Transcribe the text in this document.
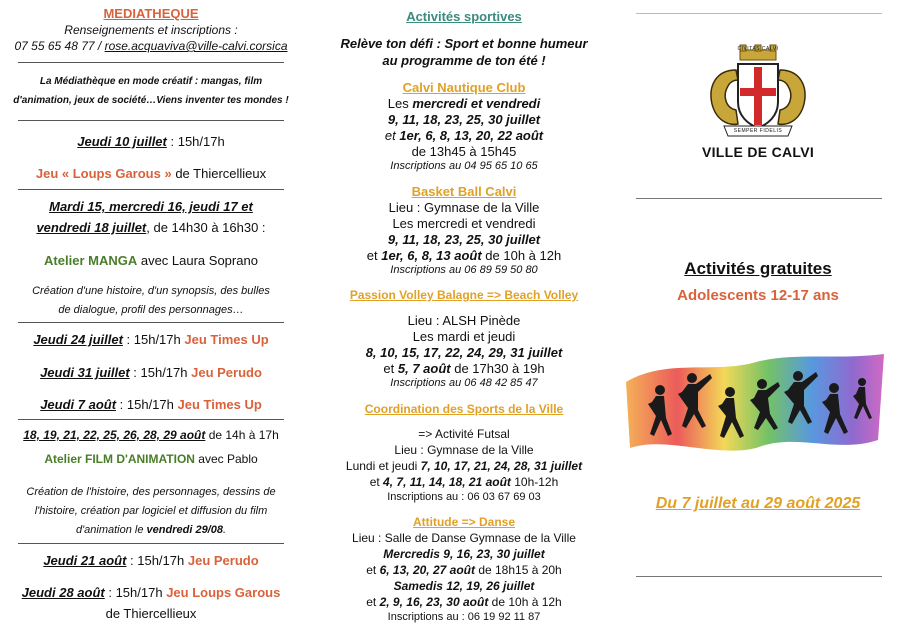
MEDIATHEQUE
Renseignements et inscriptions :
07 55 65 48 77 / rose.acquaviva@ville-calvi.corsica
La Médiathèque en mode créatif : mangas, film
d'animation, jeux de société…Viens inventer tes mondes !
Jeudi 10 juillet : 15h/17h
Jeu « Loups Garous » de Thiercellieux
Mardi 15, mercredi 16, jeudi 17 et
vendredi 18 juillet, de 14h30 à 16h30 :
Atelier MANGA avec Laura Soprano
Création d'une histoire, d'un synopsis, des bulles
de dialogue, profil des personnages…
Jeudi 24 juillet : 15h/17h Jeu Times Up
Jeudi 31 juillet : 15h/17h Jeu Perudo
Jeudi 7 août : 15h/17h Jeu Times Up
18, 19, 21, 22, 25, 26, 28, 29 août de 14h à 17h
Atelier FILM D'ANIMATION avec Pablo
Création de l'histoire, des personnages, dessins de
l'histoire, création par logiciel et diffusion du film
d'animation le vendredi 29/08.
Jeudi 21 août : 15h/17h Jeu Perudo
Jeudi 28 août : 15h/17h Jeu Loups Garous
de Thiercellieux
Activités sportives
Relève ton défi : Sport et bonne humeur
au programme de ton été !
Calvi Nautique Club
Les mercredi et vendredi
9, 11, 18, 23, 25, 30 juillet
et 1er, 6, 8, 13, 20, 22 août
de 13h45 à 15h45
Inscriptions au 04 95 65 10 65
Basket Ball Calvi
Lieu : Gymnase de la Ville
Les mercredi et vendredi
9, 11, 18, 23, 25, 30 juillet
et 1er, 6, 8, 13 août de 10h à 12h
Inscriptions au 06 89 59 50 80
Passion Volley Balagne => Beach Volley
Lieu : ALSH Pinède
Les mardi et jeudi
8, 10, 15, 17, 22, 24, 29, 31 juillet
et 5, 7 août de 17h30 à 19h
Inscriptions au 06 48 42 85 47
Coordination des Sports de la Ville
=> Activité Futsal
Lieu : Gymnase de la Ville
Lundi et jeudi 7, 10, 17, 21, 24, 28, 31 juillet
et 4, 7, 11, 14, 18, 21 août 10h-12h
Inscriptions au : 06 03 67 69 03
Attitude => Danse
Lieu : Salle de Danse Gymnase de la Ville
Mercredis 9, 16, 23, 30 juillet
et 6, 13, 20, 27 août de 18h15 à 20h
Samedis 12, 19, 26 juillet
et 2, 9, 16, 23, 30 août de 10h à 12h
Inscriptions au : 06 19 92 11 87
CIVITAS CALVI
SEMPER FIDELIS
VILLE DE CALVI
Activités gratuites
Adolescents 12-17 ans
Du 7 juillet au 29 août 2025
